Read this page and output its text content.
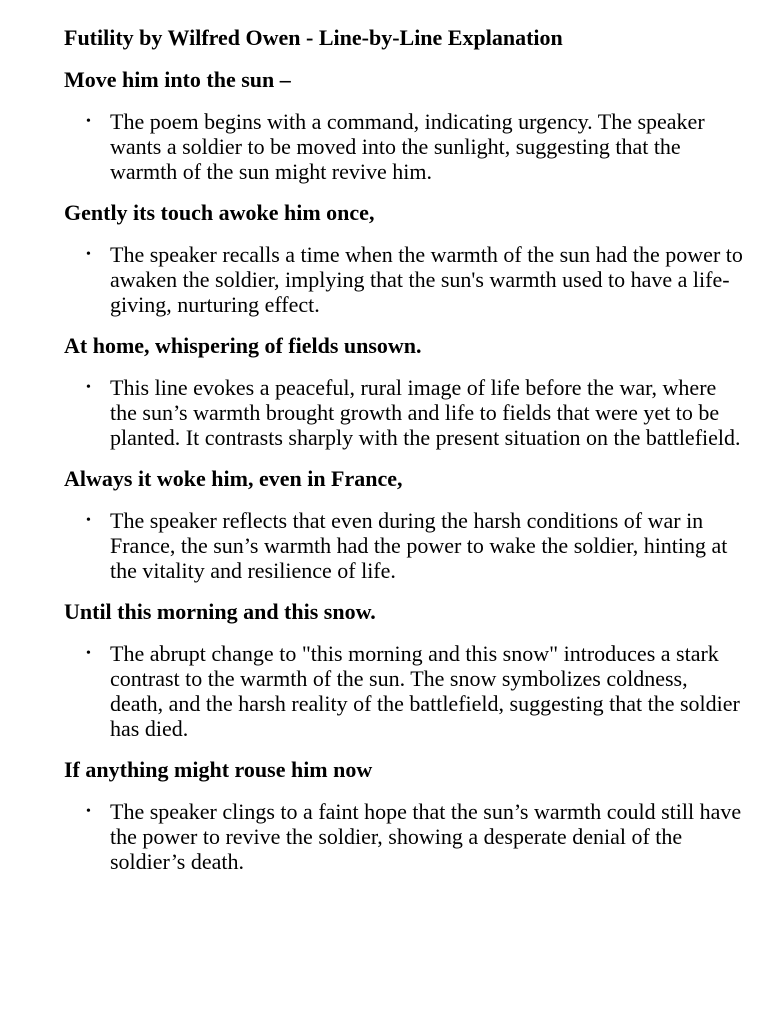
Futility by Wilfred Owen - Line-by-Line Explanation
Move him into the sun –
• The poem begins with a command, indicating urgency. The speaker wants a soldier to be moved into the sunlight, suggesting that the warmth of the sun might revive him.
Gently its touch awoke him once,
• The speaker recalls a time when the warmth of the sun had the power to awaken the soldier, implying that the sun's warmth used to have a life-giving, nurturing effect.
At home, whispering of fields unsown.
• This line evokes a peaceful, rural image of life before the war, where the sun’s warmth brought growth and life to fields that were yet to be planted. It contrasts sharply with the present situation on the battlefield.
Always it woke him, even in France,
• The speaker reflects that even during the harsh conditions of war in France, the sun’s warmth had the power to wake the soldier, hinting at the vitality and resilience of life.
Until this morning and this snow.
• The abrupt change to "this morning and this snow" introduces a stark contrast to the warmth of the sun. The snow symbolizes coldness, death, and the harsh reality of the battlefield, suggesting that the soldier has died.
If anything might rouse him now
• The speaker clings to a faint hope that the sun’s warmth could still have the power to revive the soldier, showing a desperate denial of the soldier’s death.
